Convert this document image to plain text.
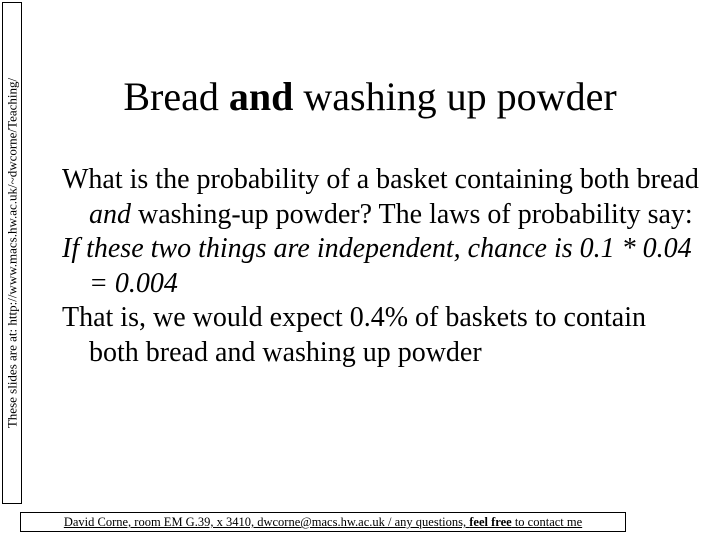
These slides are at: http://www.macs.hw.ac.uk/~dwcorne/Teaching/	Bread and washing up powder

What is the probability of a basket containing both bread and washing-up powder? The laws of probability say:

If these two things are independent, chance is 0.1 * 0.04 = 0.004

That is, we would expect 0.4% of baskets to contain both bread and washing up powder

David Corne, room EM G.39, x 3410, dwcorne@macs.hw.ac.uk / any questions, feel free to contact me
